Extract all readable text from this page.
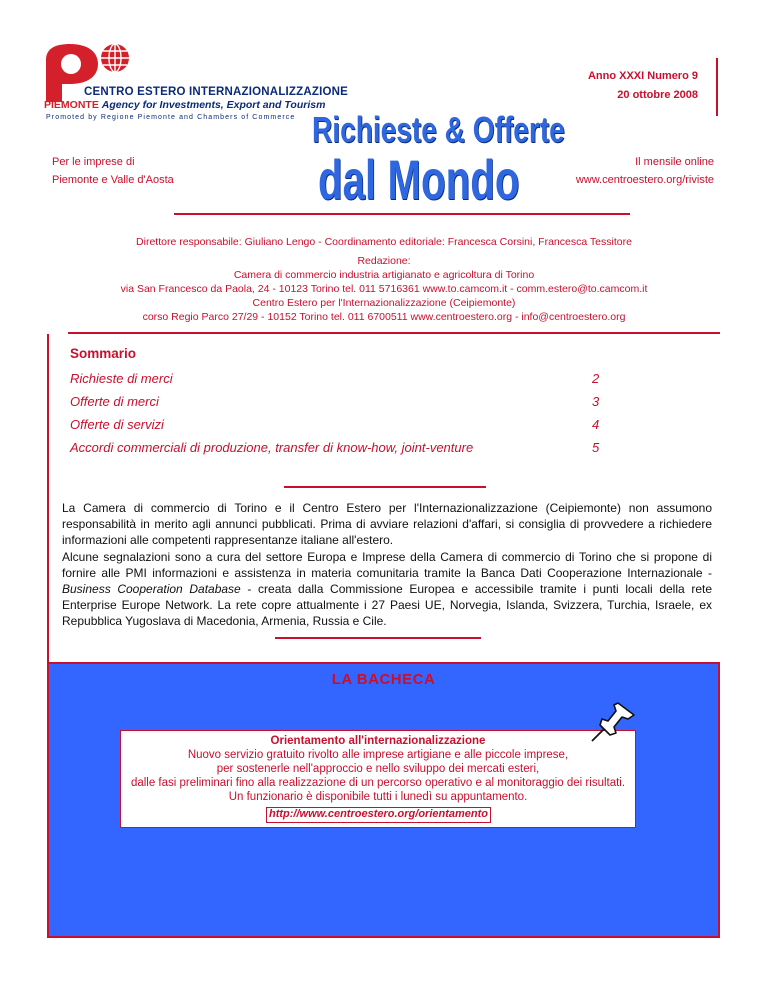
CENTRO ESTERO INTERNAZIONALIZZAZIONE
PIEMONTE Agency for Investments, Export and Tourism
Promoted by Regione Piemonte and Chambers of Commerce
Anno XXXI Numero 9
20 ottobre 2008
Per le imprese di
Piemonte e Valle d'Aosta
Il mensile online
www.centroestero.org/riviste
Richieste & Offerte
dal Mondo
Direttore responsabile: Giuliano Lengo - Coordinamento editoriale: Francesca Corsini, Francesca Tessitore
Redazione:
Camera di commercio industria artigianato e agricoltura di Torino
via San Francesco da Paola, 24 - 10123 Torino tel. 011 5716361 www.to.camcom.it - comm.estero@to.camcom.it
Centro Estero per l'Internazionalizzazione (Ceipiemonte)
corso Regio Parco 27/29 - 10152 Torino tel. 011 6700511 www.centroestero.org - info@centroestero.org
Sommario
Richieste di merci	2
Offerte di merci	3
Offerte di servizi	4
Accordi commerciali di produzione, transfer di know-how, joint-venture	5
La Camera di commercio di Torino e il Centro Estero per l'Internazionalizzazione (Ceipiemonte) non assumono responsabilità in merito agli annunci pubblicati. Prima di avviare relazioni d'affari, si consiglia di provvedere a richiedere informazioni alle competenti rappresentanze italiane all'estero.
Alcune segnalazioni sono a cura del settore Europa e Imprese della Camera di commercio di Torino che si propone di fornire alle PMI informazioni e assistenza in materia comunitaria tramite la Banca Dati Cooperazione Internazionale - Business Cooperation Database - creata dalla Commissione Europea e accessibile tramite i punti locali della rete Enterprise Europe Network. La rete copre attualmente i 27 Paesi UE, Norvegia, Islanda, Svizzera, Turchia, Israele, ex Repubblica Yugoslava di Macedonia, Armenia, Russia e Cile.
LA BACHECA
Orientamento all'internazionalizzazione
Nuovo servizio gratuito rivolto alle imprese artigiane e alle piccole imprese,
per sostenerle nell'approccio e nello sviluppo dei mercati esteri,
dalle fasi preliminari fino alla realizzazione di un percorso operativo e al monitoraggio dei risultati.
Un funzionario è disponibile tutti i lunedì su appuntamento.
http://www.centroestero.org/orientamento
